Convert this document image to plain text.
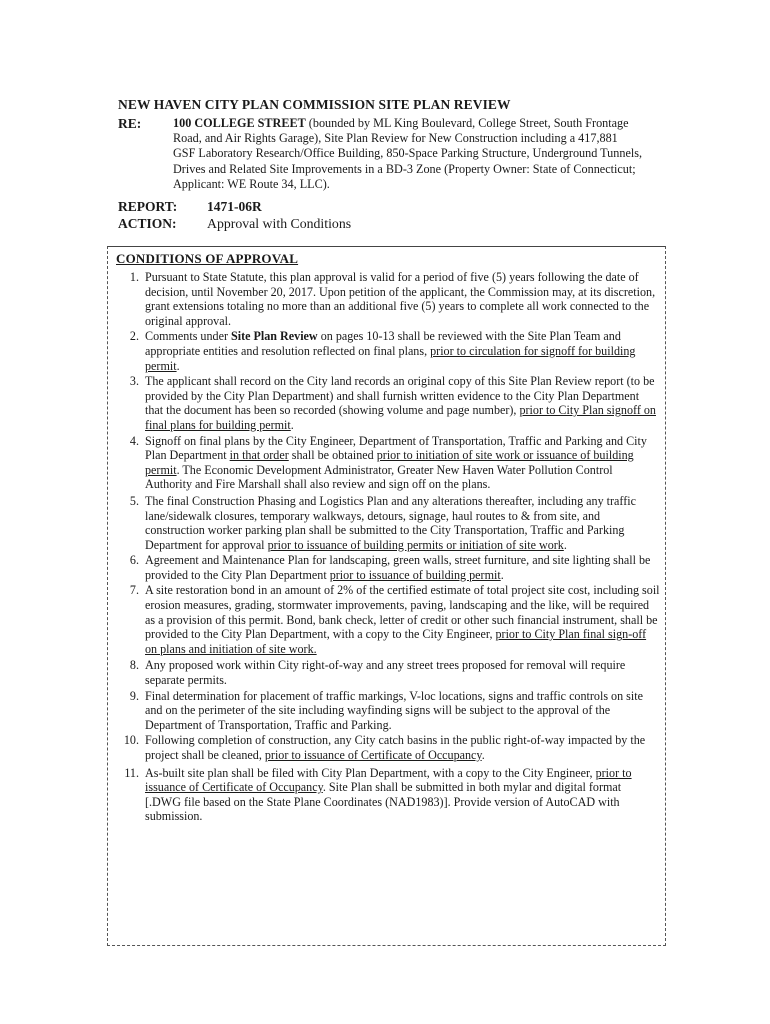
NEW HAVEN CITY PLAN COMMISSION SITE PLAN REVIEW
RE:	100 COLLEGE STREET (bounded by ML King Boulevard, College Street, South Frontage Road, and Air Rights Garage), Site Plan Review for New Construction including a 417,881 GSF Laboratory Research/Office Building, 850-Space Parking Structure, Underground Tunnels, Drives and Related Site Improvements in a BD-3 Zone (Property Owner: State of Connecticut; Applicant: WE Route 34, LLC).
REPORT: 1471-06R
ACTION: Approval with Conditions
CONDITIONS OF APPROVAL
1. Pursuant to State Statute, this plan approval is valid for a period of five (5) years following the date of decision, until November 20, 2017. Upon petition of the applicant, the Commission may, at its discretion, grant extensions totaling no more than an additional five (5) years to complete all work connected to the original approval.
2. Comments under Site Plan Review on pages 10-13 shall be reviewed with the Site Plan Team and appropriate entities and resolution reflected on final plans, prior to circulation for signoff for building permit.
3. The applicant shall record on the City land records an original copy of this Site Plan Review report (to be provided by the City Plan Department) and shall furnish written evidence to the City Plan Department that the document has been so recorded (showing volume and page number), prior to City Plan signoff on final plans for building permit.
4. Signoff on final plans by the City Engineer, Department of Transportation, Traffic and Parking and City Plan Department in that order shall be obtained prior to initiation of site work or issuance of building permit. The Economic Development Administrator, Greater New Haven Water Pollution Control Authority and Fire Marshall shall also review and sign off on the plans.
5. The final Construction Phasing and Logistics Plan and any alterations thereafter, including any traffic lane/sidewalk closures, temporary walkways, detours, signage, haul routes to & from site, and construction worker parking plan shall be submitted to the City Transportation, Traffic and Parking Department for approval prior to issuance of building permits or initiation of site work.
6. Agreement and Maintenance Plan for landscaping, green walls, street furniture, and site lighting shall be provided to the City Plan Department prior to issuance of building permit.
7. A site restoration bond in an amount of 2% of the certified estimate of total project site cost, including soil erosion measures, grading, stormwater improvements, paving, landscaping and the like, will be required as a provision of this permit. Bond, bank check, letter of credit or other such financial instrument, shall be provided to the City Plan Department, with a copy to the City Engineer, prior to City Plan final sign-off on plans and initiation of site work.
8. Any proposed work within City right-of-way and any street trees proposed for removal will require separate permits.
9. Final determination for placement of traffic markings, V-loc locations, signs and traffic controls on site and on the perimeter of the site including wayfinding signs will be subject to the approval of the Department of Transportation, Traffic and Parking.
10. Following completion of construction, any City catch basins in the public right-of-way impacted by the project shall be cleaned, prior to issuance of Certificate of Occupancy.
11. As-built site plan shall be filed with City Plan Department, with a copy to the City Engineer, prior to issuance of Certificate of Occupancy. Site Plan shall be submitted in both mylar and digital format [.DWG file based on the State Plane Coordinates (NAD1983)]. Provide version of AutoCAD with submission.
